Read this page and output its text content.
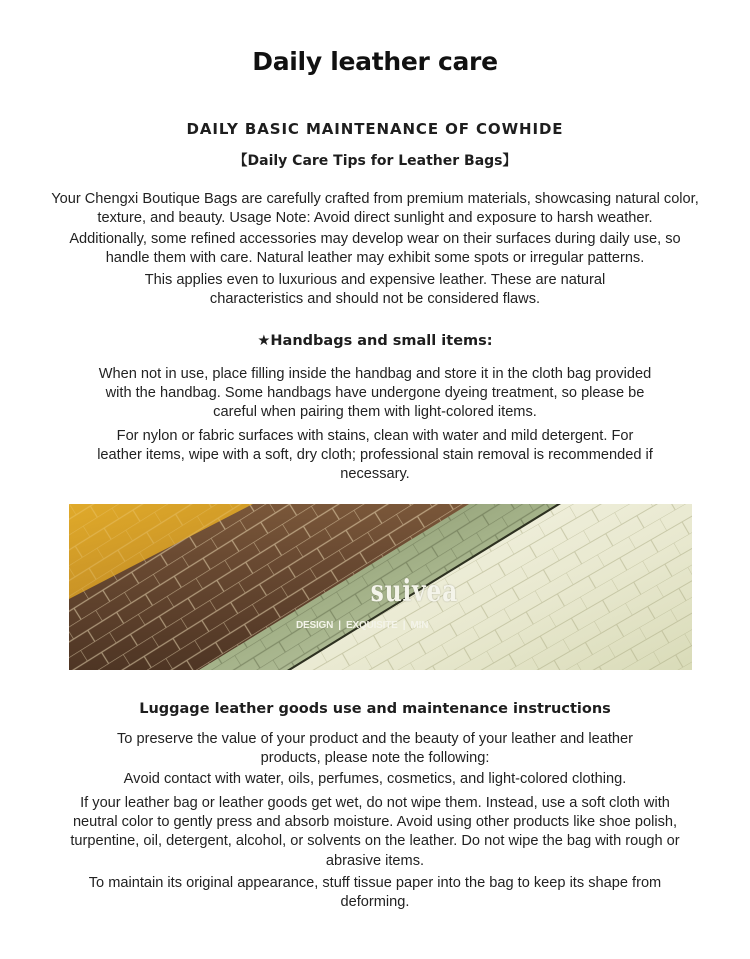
Daily leather care
DAILY BASIC MAINTENANCE OF COWHIDE
【Daily Care Tips for Leather Bags】

Your Chengxi Boutique Bags are carefully crafted from premium materials, showcasing natural color, texture, and beauty. Usage Note: Avoid direct sunlight and exposure to harsh weather.

Additionally, some refined accessories may develop wear on their surfaces during daily use, so handle them with care. Natural leather may exhibit some spots or irregular patterns.

This applies even to luxurious and expensive leather. These are natural characteristics and should not be considered flaws.

★Handbags and small items:

When not in use, place filling inside the handbag and store it in the cloth bag provided with the handbag. Some handbags have undergone dyeing treatment, so please be careful when pairing them with light-colored items.

For nylon or fabric surfaces with stains, clean with water and mild detergent. For leather items, wipe with a soft, dry cloth; professional stain removal is recommended if necessary.

suivea
DESIGN  |  EXQUISITE  |  MIN
Luggage leather goods use and maintenance instructions

To preserve the value of your product and the beauty of your leather and leather products, please note the following:

Avoid contact with water, oils, perfumes, cosmetics, and light-colored clothing.

If your leather bag or leather goods get wet, do not wipe them. Instead, use a soft cloth with neutral color to gently press and absorb moisture. Avoid using other products like shoe polish, turpentine, oil, detergent, alcohol, or solvents on the leather. Do not wipe the bag with rough or abrasive items.

To maintain its original appearance, stuff tissue paper into the bag to keep its shape from deforming.
